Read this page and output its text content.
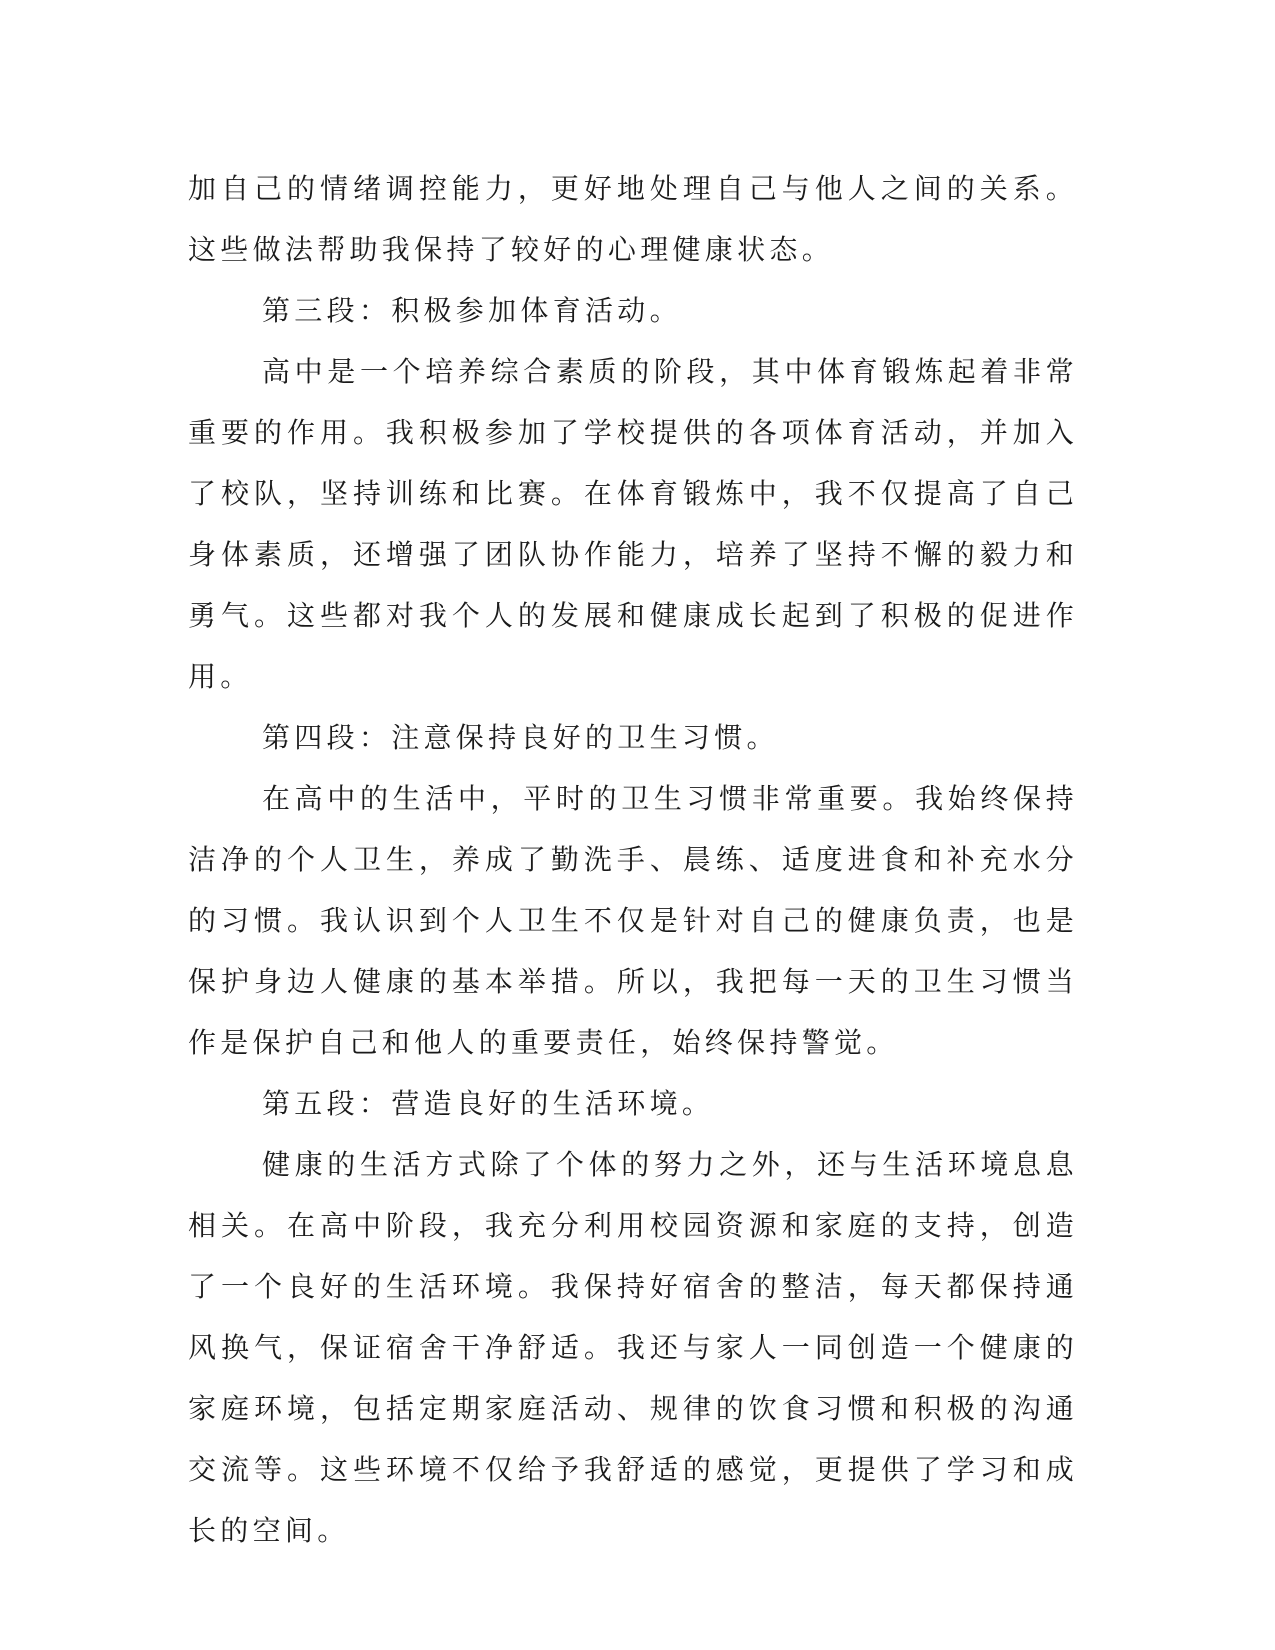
加自己的情绪调控能力，更好地处理自己与他人之间的关系。这些做法帮助我保持了较好的心理健康状态。

第三段：积极参加体育活动。

高中是一个培养综合素质的阶段，其中体育锻炼起着非常重要的作用。我积极参加了学校提供的各项体育活动，并加入了校队，坚持训练和比赛。在体育锻炼中，我不仅提高了自己身体素质，还增强了团队协作能力，培养了坚持不懈的毅力和勇气。这些都对我个人的发展和健康成长起到了积极的促进作用。

第四段：注意保持良好的卫生习惯。

在高中的生活中，平时的卫生习惯非常重要。我始终保持洁净的个人卫生，养成了勤洗手、晨练、适度进食和补充水分的习惯。我认识到个人卫生不仅是针对自己的健康负责，也是保护身边人健康的基本举措。所以，我把每一天的卫生习惯当作是保护自己和他人的重要责任，始终保持警觉。

第五段：营造良好的生活环境。

健康的生活方式除了个体的努力之外，还与生活环境息息相关。在高中阶段，我充分利用校园资源和家庭的支持，创造了一个良好的生活环境。我保持好宿舍的整洁，每天都保持通风换气，保证宿舍干净舒适。我还与家人一同创造一个健康的家庭环境，包括定期家庭活动、规律的饮食习惯和积极的沟通交流等。这些环境不仅给予我舒适的感觉，更提供了学习和成长的空间。
